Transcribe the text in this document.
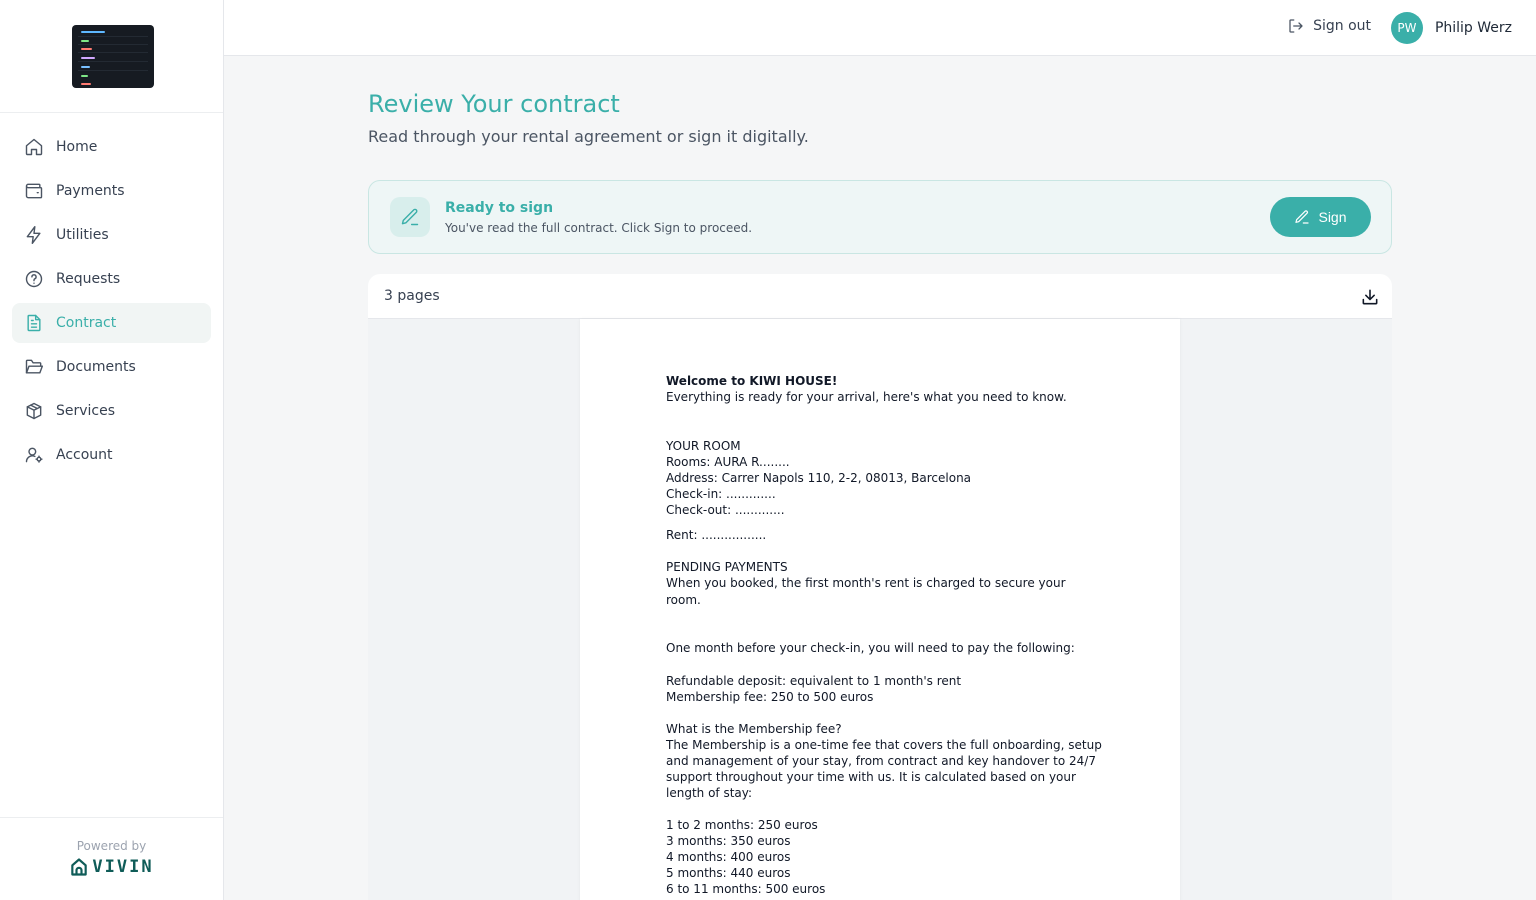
Home
Payments
Utilities
Requests
Contract
Documents
Services
Account
Powered by
VIVIN
Sign out	PW	Philip Werz
Review Your contract

Read through your rental agreement or sign it digitally.

Ready to sign
You've read the full contract. Click Sign to proceed.
Sign
3 pages

Welcome to KIWI HOUSE!

Everything is ready for your arrival, here's what you need to know.

YOUR ROOM

Rooms: AURA R........

Address: Carrer Napols 110, 2-2, 08013, Barcelona

Check-in: .............

Check-out: .............

Rent: .................

PENDING PAYMENTS

When you booked, the first month's rent is charged to secure your room.

One month before your check-in, you will need to pay the following:

Refundable deposit: equivalent to 1 month's rent

Membership fee: 250 to 500 euros

What is the Membership fee?

The Membership is a one-time fee that covers the full onboarding, setup and management of your stay, from contract and key handover to 24/7 support throughout your time with us. It is calculated based on your length of stay:

1 to 2 months: 250 euros

3 months: 350 euros

4 months: 400 euros

5 months: 440 euros

6 to 11 months: 500 euros
